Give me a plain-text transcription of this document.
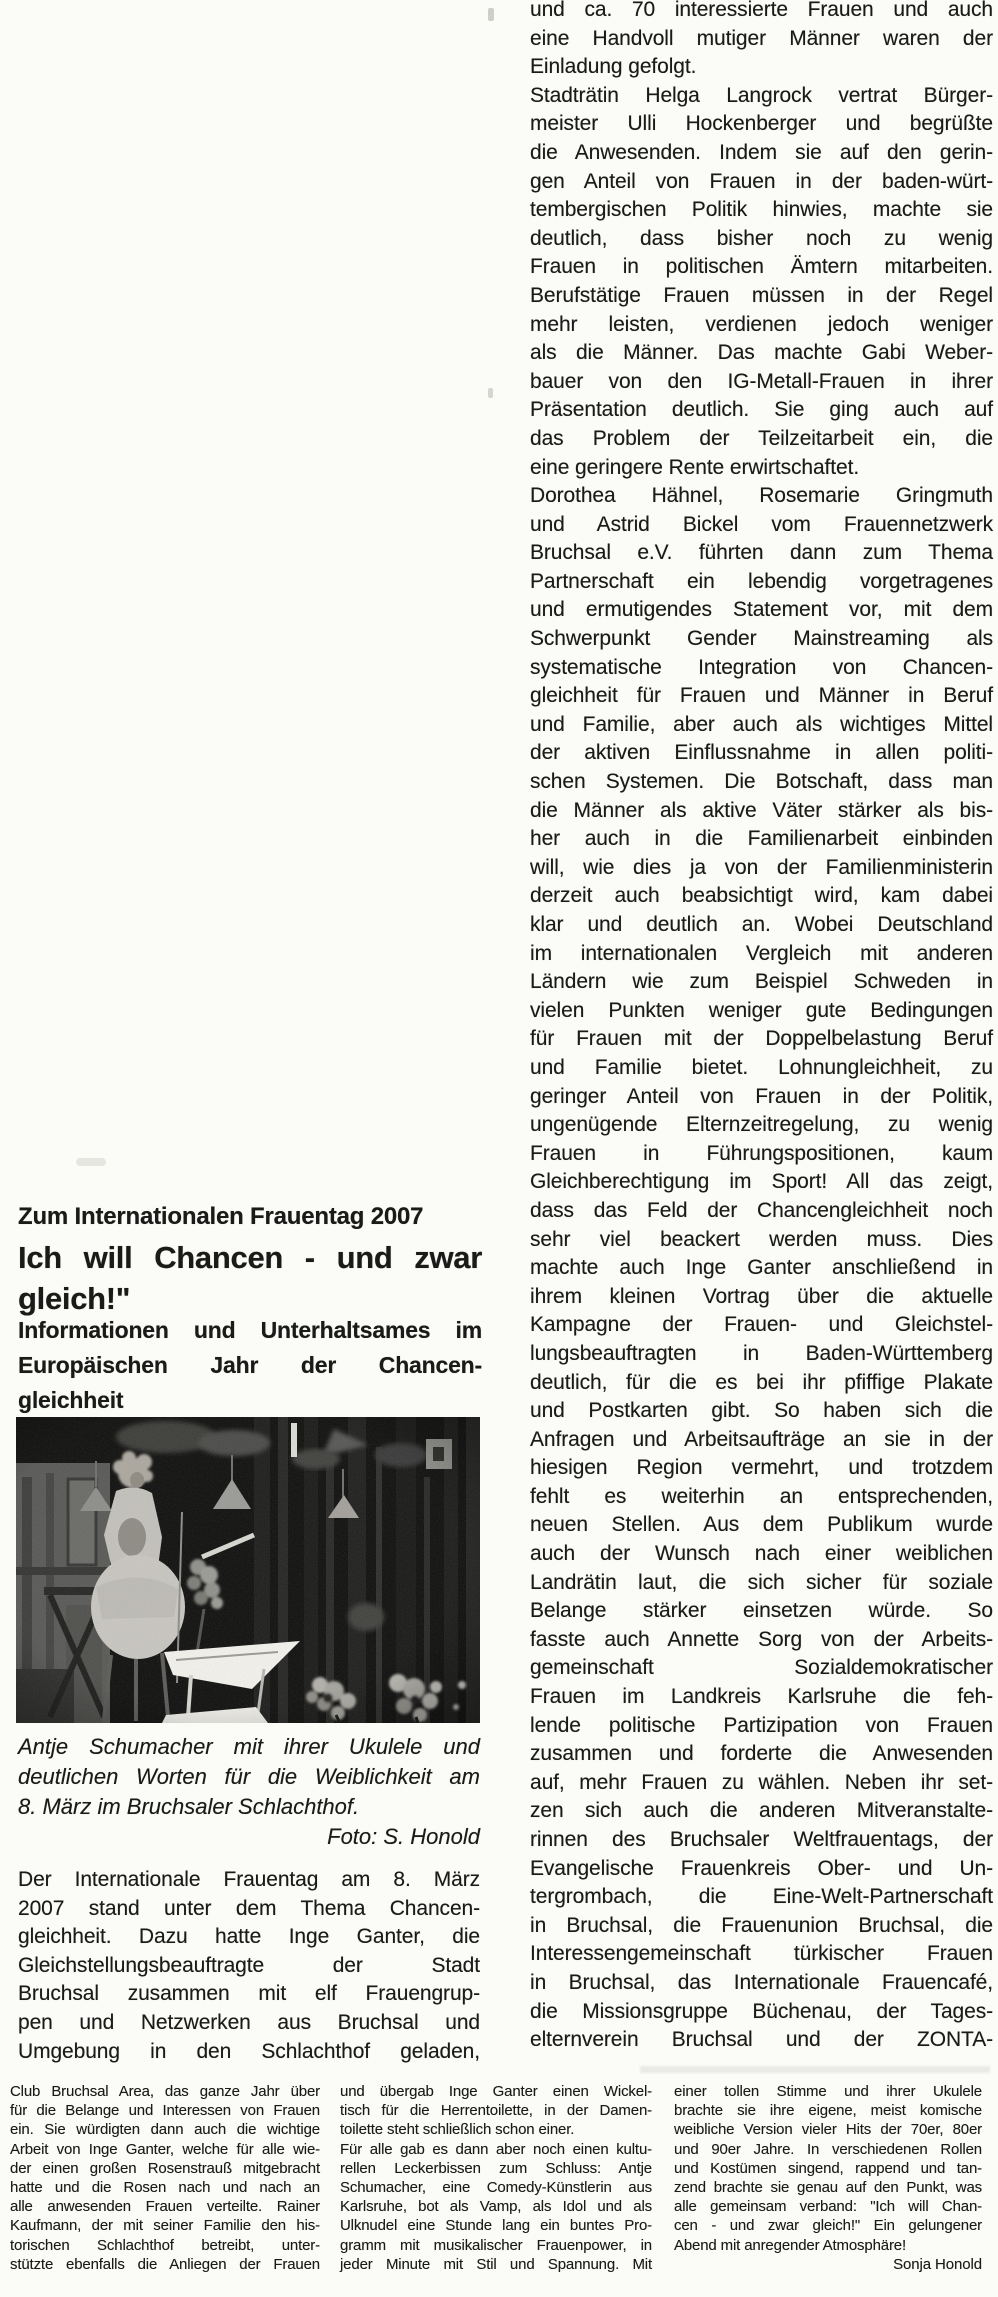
und ca. 70 interessierte Frauen und auch
eine Handvoll mutiger Männer waren der
Einladung gefolgt.
Stadträtin Helga Langrock vertrat Bürger-
meister Ulli Hockenberger und begrüßte
die Anwesenden. Indem sie auf den gerin-
gen Anteil von Frauen in der baden-würt-
tembergischen Politik hinwies, machte sie
deutlich, dass bisher noch zu wenig
Frauen in politischen Ämtern mitarbeiten.
Berufstätige Frauen müssen in der Regel
mehr leisten, verdienen jedoch weniger
als die Männer. Das machte Gabi Weber-
bauer von den IG-Metall-Frauen in ihrer
Präsentation deutlich. Sie ging auch auf
das Problem der Teilzeitarbeit ein, die
eine geringere Rente erwirtschaftet.
Dorothea Hähnel, Rosemarie Gringmuth
und Astrid Bickel vom Frauennetzwerk
Bruchsal e.V. führten dann zum Thema
Partnerschaft ein lebendig vorgetragenes
und ermutigendes Statement vor, mit dem
Schwerpunkt Gender Mainstreaming als
systematische Integration von Chancen-
gleichheit für Frauen und Männer in Beruf
und Familie, aber auch als wichtiges Mittel
der aktiven Einflussnahme in allen politi-
schen Systemen. Die Botschaft, dass man
die Männer als aktive Väter stärker als bis-
her auch in die Familienarbeit einbinden
will, wie dies ja von der Familienministerin
derzeit auch beabsichtigt wird, kam dabei
klar und deutlich an. Wobei Deutschland
im internationalen Vergleich mit anderen
Ländern wie zum Beispiel Schweden in
vielen Punkten weniger gute Bedingungen
für Frauen mit der Doppelbelastung Beruf
und Familie bietet. Lohnungleichheit, zu
geringer Anteil von Frauen in der Politik,
ungenügende Elternzeitregelung, zu wenig
Frauen in Führungspositionen, kaum
Gleichberechtigung im Sport! All das zeigt,
dass das Feld der Chancengleichheit noch
sehr viel beackert werden muss. Dies
machte auch Inge Ganter anschließend in
ihrem kleinen Vortrag über die aktuelle
Kampagne der Frauen- und Gleichstel-
lungsbeauftragten in Baden-Württemberg
deutlich, für die es bei ihr pfiffige Plakate
und Postkarten gibt. So haben sich die
Anfragen und Arbeitsaufträge an sie in der
hiesigen Region vermehrt, und trotzdem
fehlt es weiterhin an entsprechenden,
neuen Stellen. Aus dem Publikum wurde
auch der Wunsch nach einer weiblichen
Landrätin laut, die sich sicher für soziale
Belange stärker einsetzen würde. So
fasste auch Annette Sorg von der Arbeits-
gemeinschaft Sozialdemokratischer
Frauen im Landkreis Karlsruhe die feh-
lende politische Partizipation von Frauen
zusammen und forderte die Anwesenden
auf, mehr Frauen zu wählen. Neben ihr set-
zen sich auch die anderen Mitveranstalte-
rinnen des Bruchsaler Weltfrauentags, der
Evangelische Frauenkreis Ober- und Un-
tergrombach, die Eine-Welt-Partnerschaft
in Bruchsal, die Frauenunion Bruchsal, die
Interessengemeinschaft türkischer Frauen
in Bruchsal, das Internationale Frauencafé,
die Missionsgruppe Büchenau, der Tages-
elternverein Bruchsal und der ZONTA-
Zum Internationalen Frauentag 2007
Ich will Chancen - und zwar
gleich!"
Informationen und Unterhaltsames im
Europäischen Jahr der Chancen-
gleichheit
Antje Schumacher mit ihrer Ukulele und
deutlichen Worten für die Weiblichkeit am
8. März im Bruchsaler Schlachthof.
Foto: S. Honold
Der Internationale Frauentag am 8. März
2007 stand unter dem Thema Chancen-
gleichheit. Dazu hatte Inge Ganter, die
Gleichstellungsbeauftragte der Stadt
Bruchsal zusammen mit elf Frauengrup-
pen und Netzwerken aus Bruchsal und
Umgebung in den Schlachthof geladen,
Club Bruchsal Area, das ganze Jahr über
für die Belange und Interessen von Frauen
ein. Sie würdigten dann auch die wichtige
Arbeit von Inge Ganter, welche für alle wie-
der einen großen Rosenstrauß mitgebracht
hatte und die Rosen nach und nach an
alle anwesenden Frauen verteilte. Rainer
Kaufmann, der mit seiner Familie den his-
torischen Schlachthof betreibt, unter-
stützte ebenfalls die Anliegen der Frauen
und übergab Inge Ganter einen Wickel-
tisch für die Herrentoilette, in der Damen-
toilette steht schließlich schon einer.
Für alle gab es dann aber noch einen kultu-
rellen Leckerbissen zum Schluss: Antje
Schumacher, eine Comedy-Künstlerin aus
Karlsruhe, bot als Vamp, als Idol und als
Ulknudel eine Stunde lang ein buntes Pro-
gramm mit musikalischer Frauenpower, in
jeder Minute mit Stil und Spannung. Mit
einer tollen Stimme und ihrer Ukulele
brachte sie ihre eigene, meist komische
weibliche Version vieler Hits der 70er, 80er
und 90er Jahre. In verschiedenen Rollen
und Kostümen singend, rappend und tan-
zend brachte sie genau auf den Punkt, was
alle gemeinsam verband: "Ich will Chan-
cen - und zwar gleich!" Ein gelungener
Abend mit anregender Atmosphäre!
Sonja Honold
